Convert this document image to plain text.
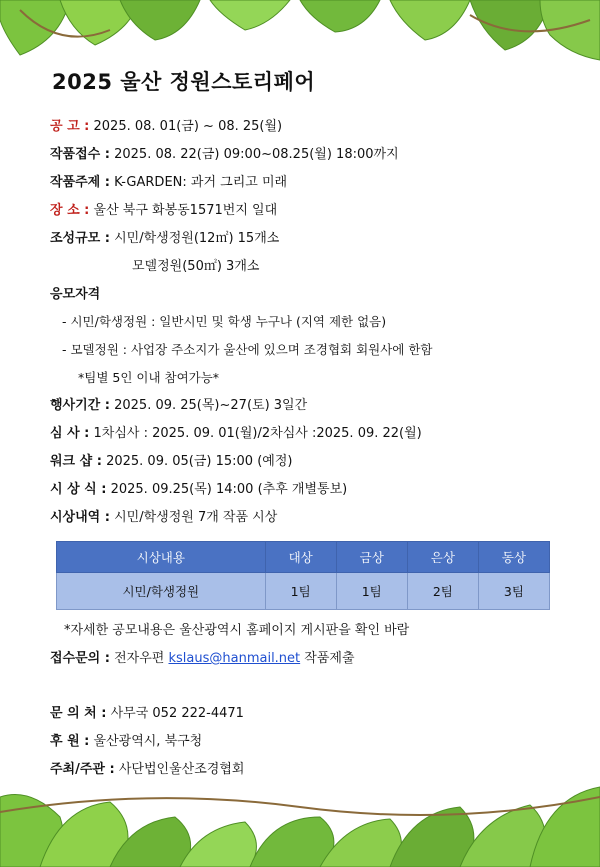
2025 울산 정원스토리페어
공 고 : 2025. 08. 01(금) ~ 08. 25(월)
작품접수 : 2025. 08. 22(금) 09:00~08.25(월) 18:00까지
작품주제 : K-GARDEN: 과거 그리고 미래
장 소 : 울산 북구 화봉동1571번지 일대
조성규모 : 시민/학생정원(12㎡) 15개소
모델정원(50㎡) 3개소
응모자격
- 시민/학생정원 : 일반시민 및 학생 누구나 (지역 제한 없음)
- 모델정원 : 사업장 주소지가 울산에 있으며 조경협회 회원사에 한함
*팀별 5인 이내 참여가능*
행사기간 : 2025. 09. 25(목)~27(토) 3일간
심 사 : 1차심사 : 2025. 09. 01(월)/2차심사 :2025. 09. 22(월)
워크 샵 : 2025. 09. 05(금) 15:00 (예정)
시 상 식 : 2025. 09.25(목) 14:00 (추후 개별통보)
시상내역 : 시민/학생정원 7개 작품 시상
시상내용	대상	금상	은상	동상
시민/학생정원	1팀	1팀	2팀	3팀
*자세한 공모내용은 울산광역시 홈페이지 게시판을 확인 바람
접수문의 : 전자우편 kslaus@hanmail.net 작품제출
문 의 처 : 사무국 052 222-4471
후 원 : 울산광역시, 북구청
주최/주관 : 사단법인울산조경협회
